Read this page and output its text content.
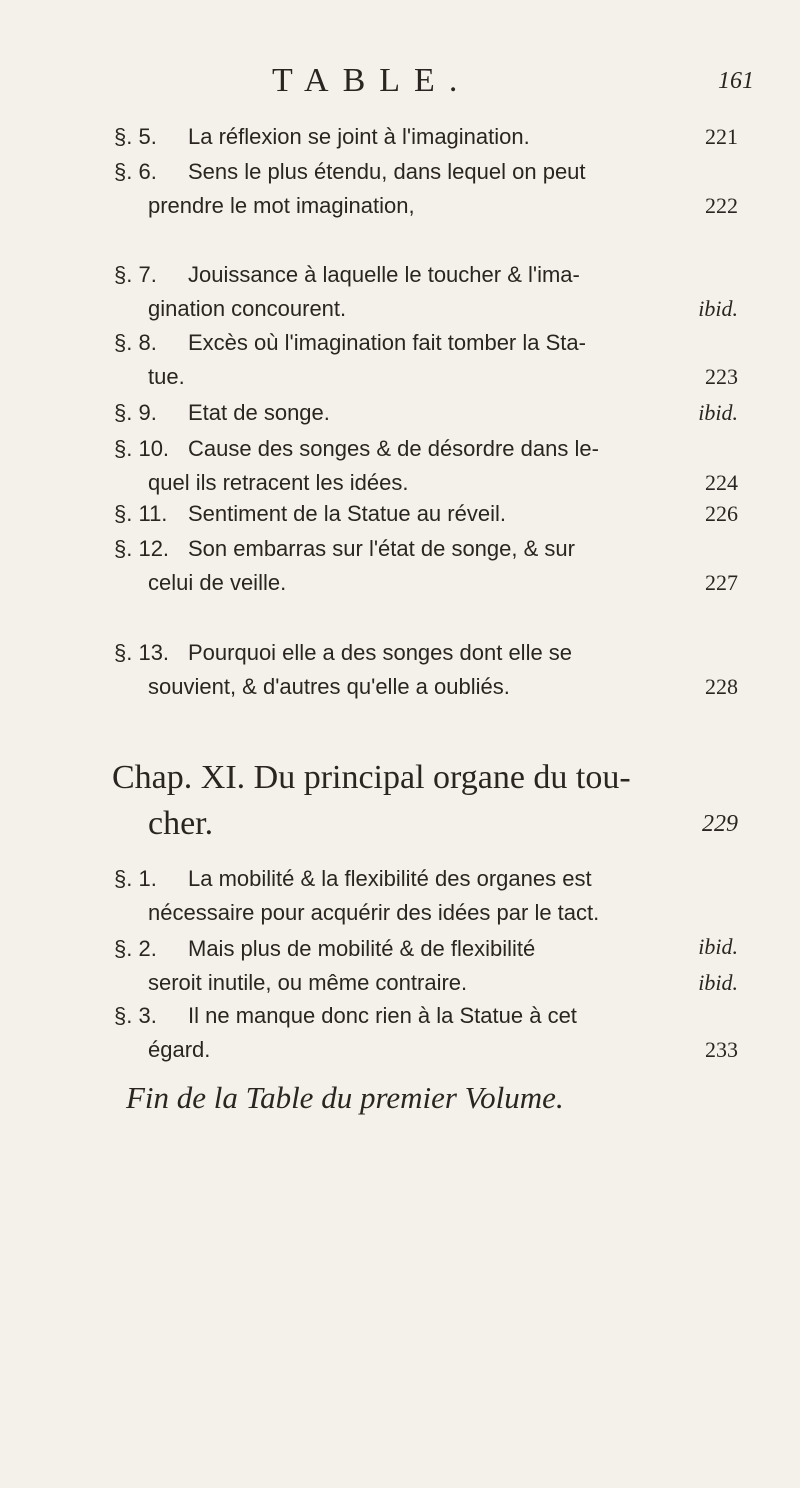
TABLE.	161
§. 5. La réflexion se joint à l'imagination.	221
§. 6. Sens le plus étendu, dans lequel on peut
prendre le mot imagination,	222
§. 7. Jouissance à laquelle le toucher & l'ima-
gination concourent.	ibid.
§. 8. Excès où l'imagination fait tomber la Sta-
tue.	223
§. 9. Etat de songe.	ibid.
§. 10. Cause des songes & de désordre dans le-
quel ils retracent les idées.	224
§. 11. Sentiment de la Statue au réveil.	226
§. 12. Son embarras sur l'état de songe, & sur
celui de veille.	227
§. 13. Pourquoi elle a des songes dont elle se
souvient, & d'autres qu'elle a oubliés.	228
Chap. XI. Du principal organe du tou-
cher.	229
§. 1. La mobilité & la flexibilité des organes est
nécessaire pour acquérir des idées par le tact.
ibid.
§. 2. Mais plus de mobilité & de flexibilité
seroit inutile, ou même contraire.	ibid.
§. 3. Il ne manque donc rien à la Statue à cet
égard.	233
Fin de la Table du premier Volume.
